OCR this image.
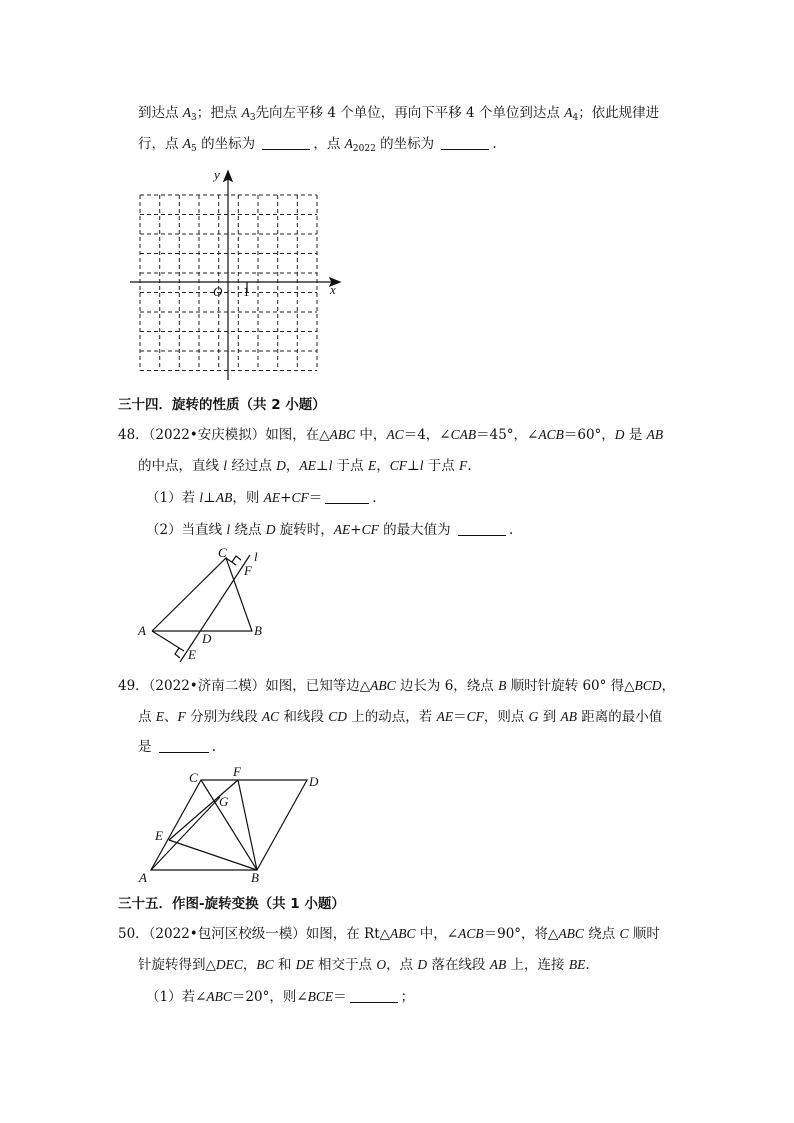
到达点 $A_3$；把点 $A_3$先向左平移 4 个单位，再向下平移 4 个单位到达点 $A_4$；依此规律进
行，点 $A_5$ 的坐标为	，点 $A_{2022}$ 的坐标为	.
y
x
O 1
三十四．旋转的性质（共 2 小题）
48．（2022•安庆模拟）如图，在△ABC 中，AC＝4，∠CAB＝45°，∠ACB＝60°，D 是 AB
的中点，直线 l 经过点 D，AE⊥l 于点 E，CF⊥l 于点 F.
（1）若 l⊥AB，则 AE+CF＝	.
（2）当直线 l 绕点 D 旋转时，AE+CF 的最大值为	.
A	B
C
D
E
F
l
49．（2022•济南二模）如图，已知等边△ABC 边长为 6，绕点 B 顺时针旋转 60° 得△BCD，
点 E、F 分别为线段 AC 和线段 CD 上的动点，若 AE＝CF，则点 G 到 AB 距离的最小值
是	.
C	F
D
G
E
A	B
三十五．作图-旋转变换（共 1 小题）
50．（2022•包河区校级一模）如图，在 Rt△ABC 中，∠ACB＝90°，将△ABC 绕点 C 顺时
针旋转得到△DEC，BC 和 DE 相交于点 O，点 D 落在线段 AB 上，连接 BE.
（1）若∠ABC＝20°，则∠BCE＝	；
